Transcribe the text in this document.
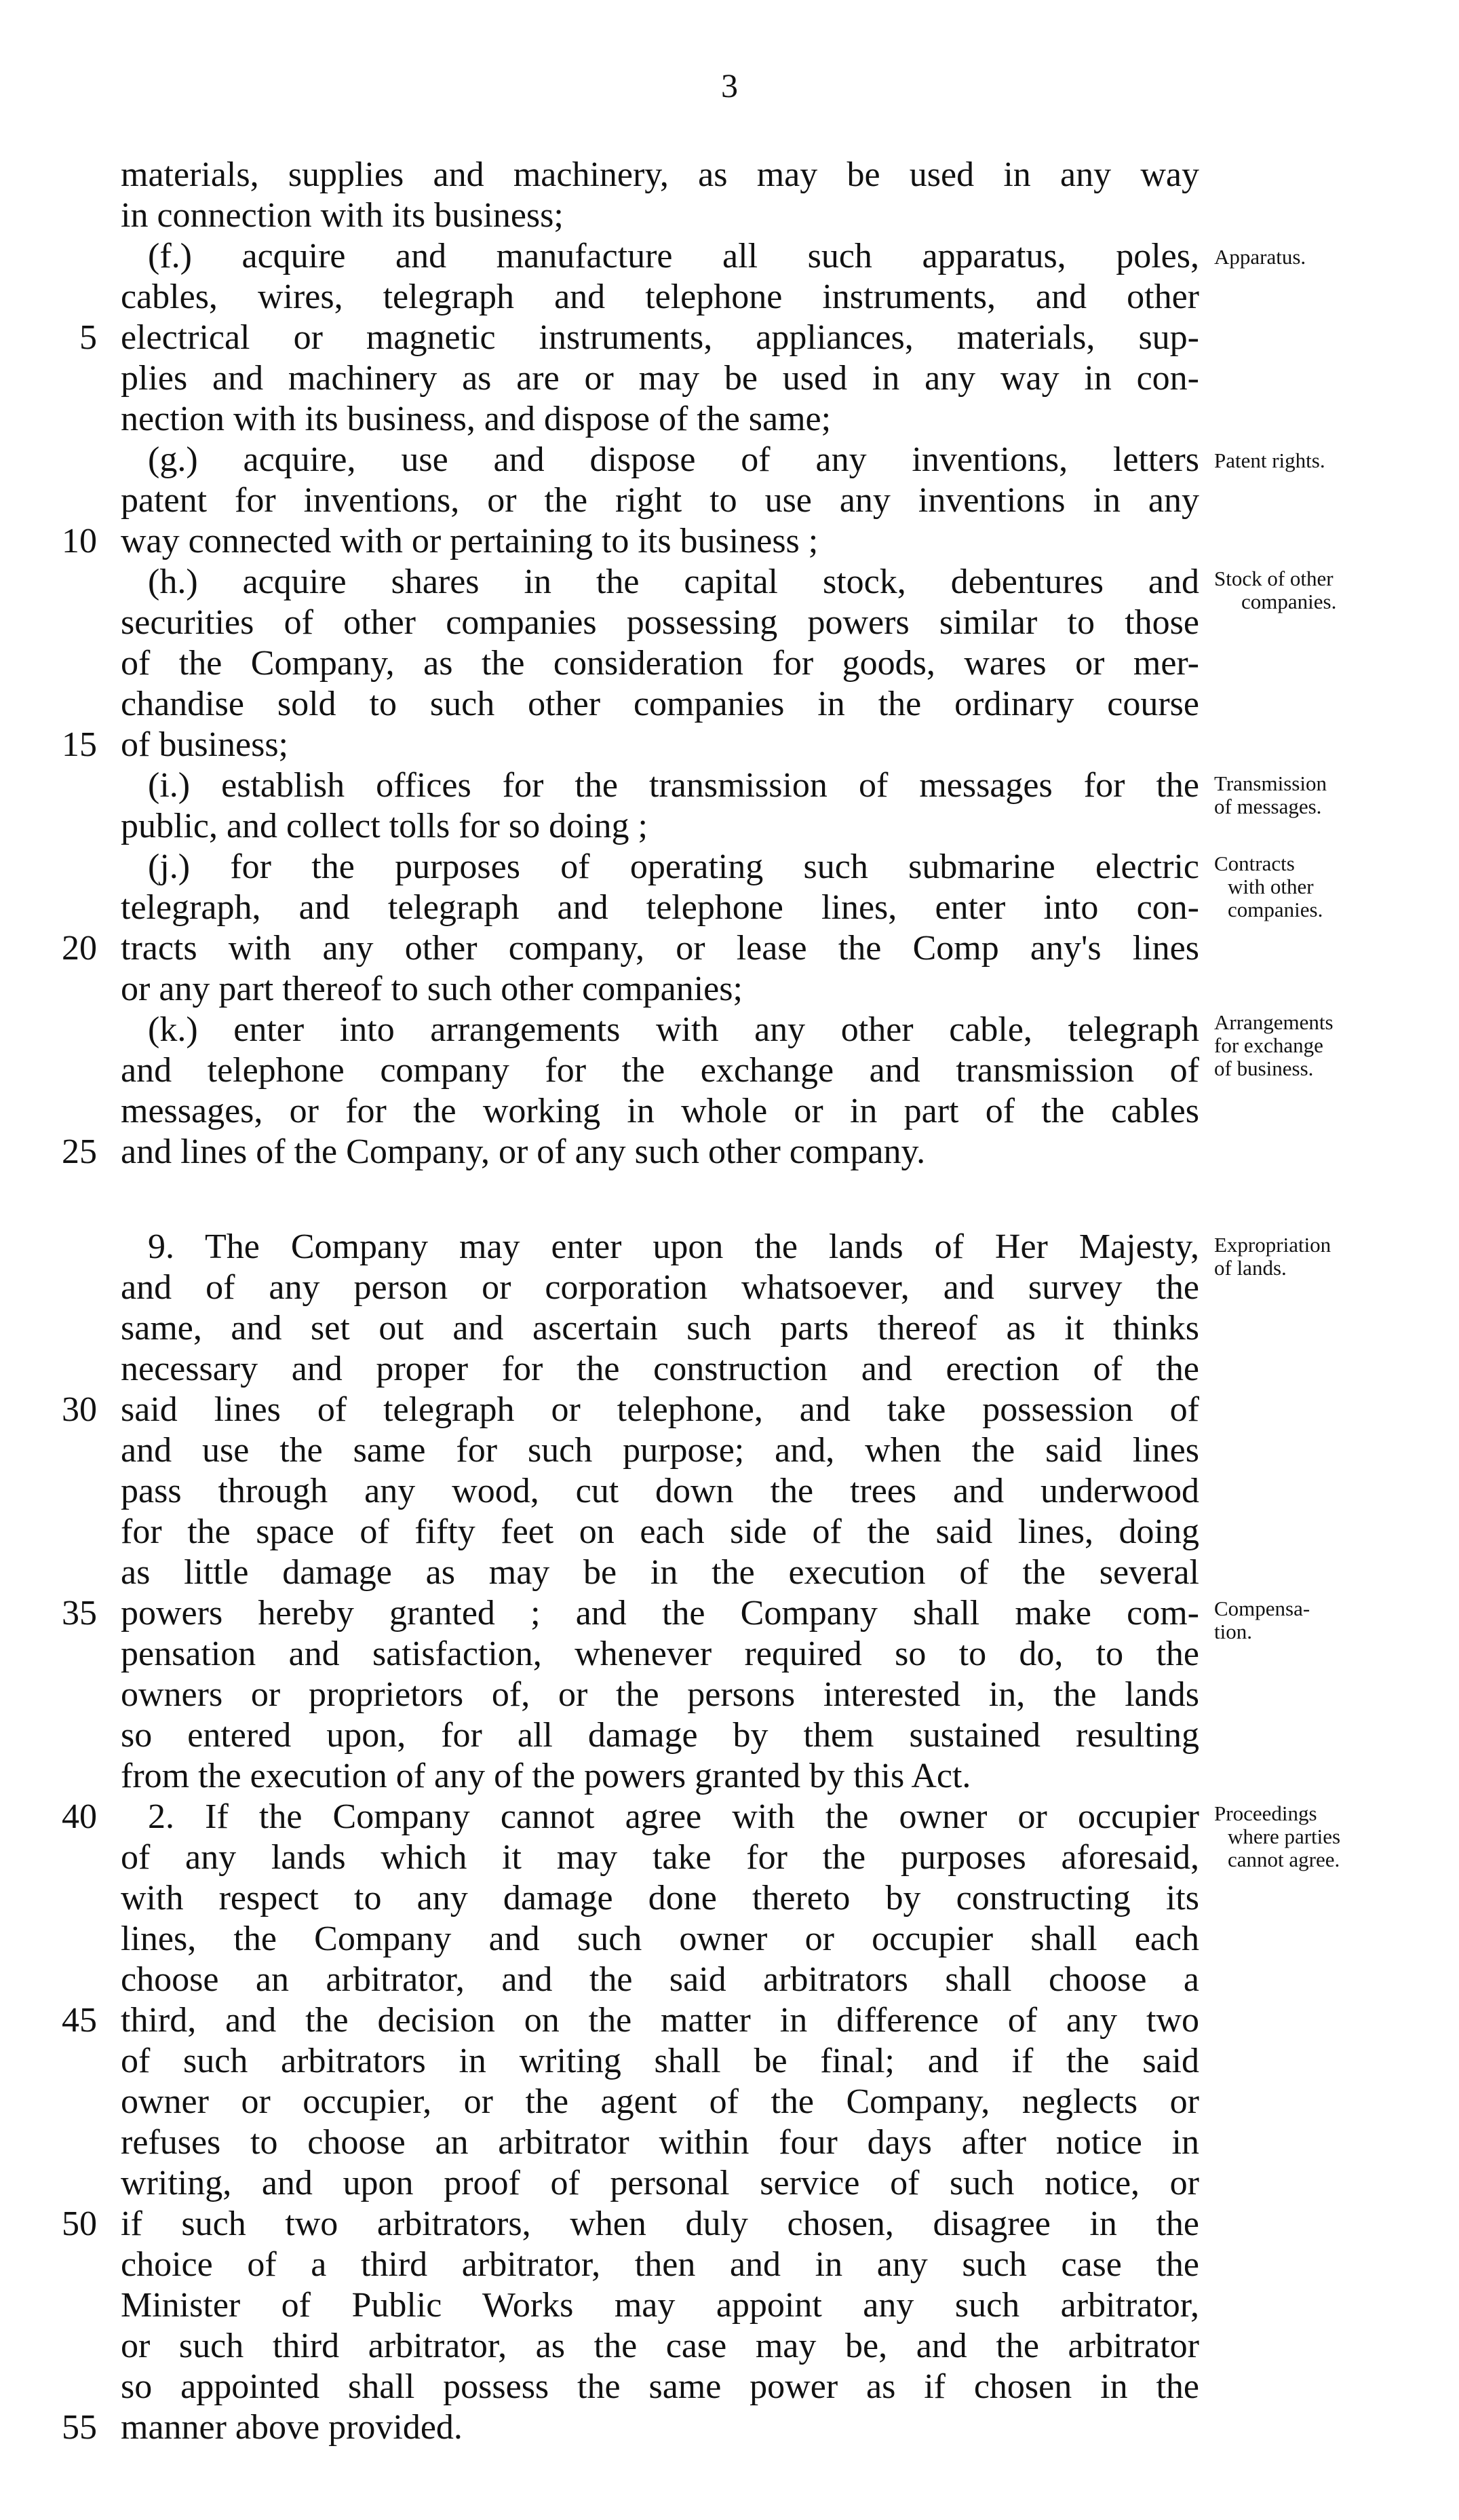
3
materials, supplies and machinery, as may be used in any way
in connection with its business;
(f.) acquire and manufacture all such apparatus, poles,
cables, wires, telegraph and telephone instruments, and other
electrical or magnetic instruments, appliances, materials, sup-
plies and machinery as are or may be used in any way in con-
nection with its business, and dispose of the same;
(g.) acquire, use and dispose of any inventions, letters
patent for inventions, or the right to use any inventions in any
way connected with or pertaining to its business ;
(h.) acquire shares in the capital stock, debentures and
securities of other companies possessing powers similar to those
of the Company, as the consideration for goods, wares or mer-
chandise sold to such other companies in the ordinary course
of business;
(i.) establish offices for the transmission of messages for the
public, and collect tolls for so doing ;
(j.) for the purposes of operating such submarine electric
telegraph, and telegraph and telephone lines, enter into con-
tracts with any other company, or lease the Comp any's lines
or any part thereof to such other companies;
(k.) enter into arrangements with any other cable, telegraph
and telephone company for the exchange and transmission of
messages, or for the working in whole or in part of the cables
and lines of the Company, or of any such other company.
9. The Company may enter upon the lands of Her Majesty,
and of any person or corporation whatsoever, and survey the
same, and set out and ascertain such parts thereof as it thinks
necessary and proper for the construction and erection of the
said lines of telegraph or telephone, and take possession of
and use the same for such purpose; and, when the said lines
pass through any wood, cut down the trees and underwood
for the space of fifty feet on each side of the said lines, doing
as little damage as may be in the execution of the several
powers hereby granted ; and the Company shall make com-
pensation and satisfaction, whenever required so to do, to the
owners or proprietors of, or the persons interested in, the lands
so entered upon, for all damage by them sustained resulting
from the execution of any of the powers granted by this Act.
2. If the Company cannot agree with the owner or occupier
of any lands which it may take for the purposes aforesaid,
with respect to any damage done thereto by constructing its
lines, the Company and such owner or occupier shall each
choose an arbitrator, and the said arbitrators shall choose a
third, and the decision on the matter in difference of any two
of such arbitrators in writing shall be final; and if the said
owner or occupier, or the agent of the Company, neglects or
refuses to choose an arbitrator within four days after notice in
writing, and upon proof of personal service of such notice, or
if such two arbitrators, when duly chosen, disagree in the
choice of a third arbitrator, then and in any such case the
Minister of Public Works may appoint any such arbitrator,
or such third arbitrator, as the case may be, and the arbitrator
so appointed shall possess the same power as if chosen in the
manner above provided.
5
10
15
20
25
30
35
40
45
50
55
Apparatus.
Patent rights.
Stock of other
companies.
Transmission
of messages.
Contracts
with other
companies.
Arrangements
for exchange
of business.
Expropriation
of lands.
Compensa-
tion.
Proceedings
where parties
cannot agree.
